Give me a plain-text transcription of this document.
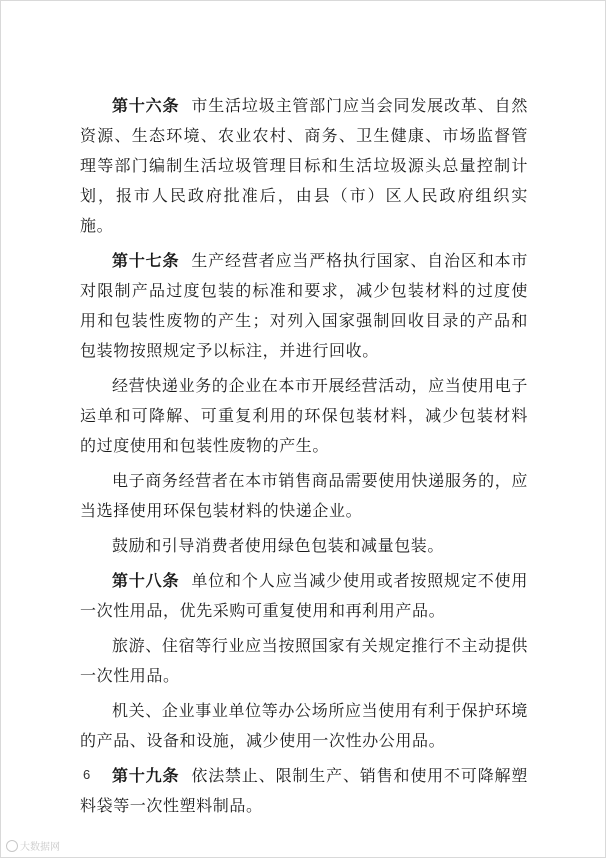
第十六条 市生活垃圾主管部门应当会同发展改革、自然资源、生态环境、农业农村、商务、卫生健康、市场监督管理等部门编制生活垃圾管理目标和生活垃圾源头总量控制计划，报市人民政府批准后，由县（市）区人民政府组织实施。

第十七条 生产经营者应当严格执行国家、自治区和本市对限制产品过度包装的标准和要求，减少包装材料的过度使用和包装性废物的产生；对列入国家强制回收目录的产品和包装物按照规定予以标注，并进行回收。

经营快递业务的企业在本市开展经营活动，应当使用电子运单和可降解、可重复利用的环保包装材料，减少包装材料的过度使用和包装性废物的产生。

电子商务经营者在本市销售商品需要使用快递服务的，应当选择使用环保包装材料的快递企业。

鼓励和引导消费者使用绿色包装和减量包装。

第十八条 单位和个人应当减少使用或者按照规定不使用一次性用品，优先采购可重复使用和再利用产品。

旅游、住宿等行业应当按照国家有关规定推行不主动提供一次性用品。

机关、企业事业单位等办公场所应当使用有利于保护环境的产品、设备和设施，减少使用一次性办公用品。

第十九条 依法禁止、限制生产、销售和使用不可降解塑料袋等一次性塑料制品。

6
大数据网
